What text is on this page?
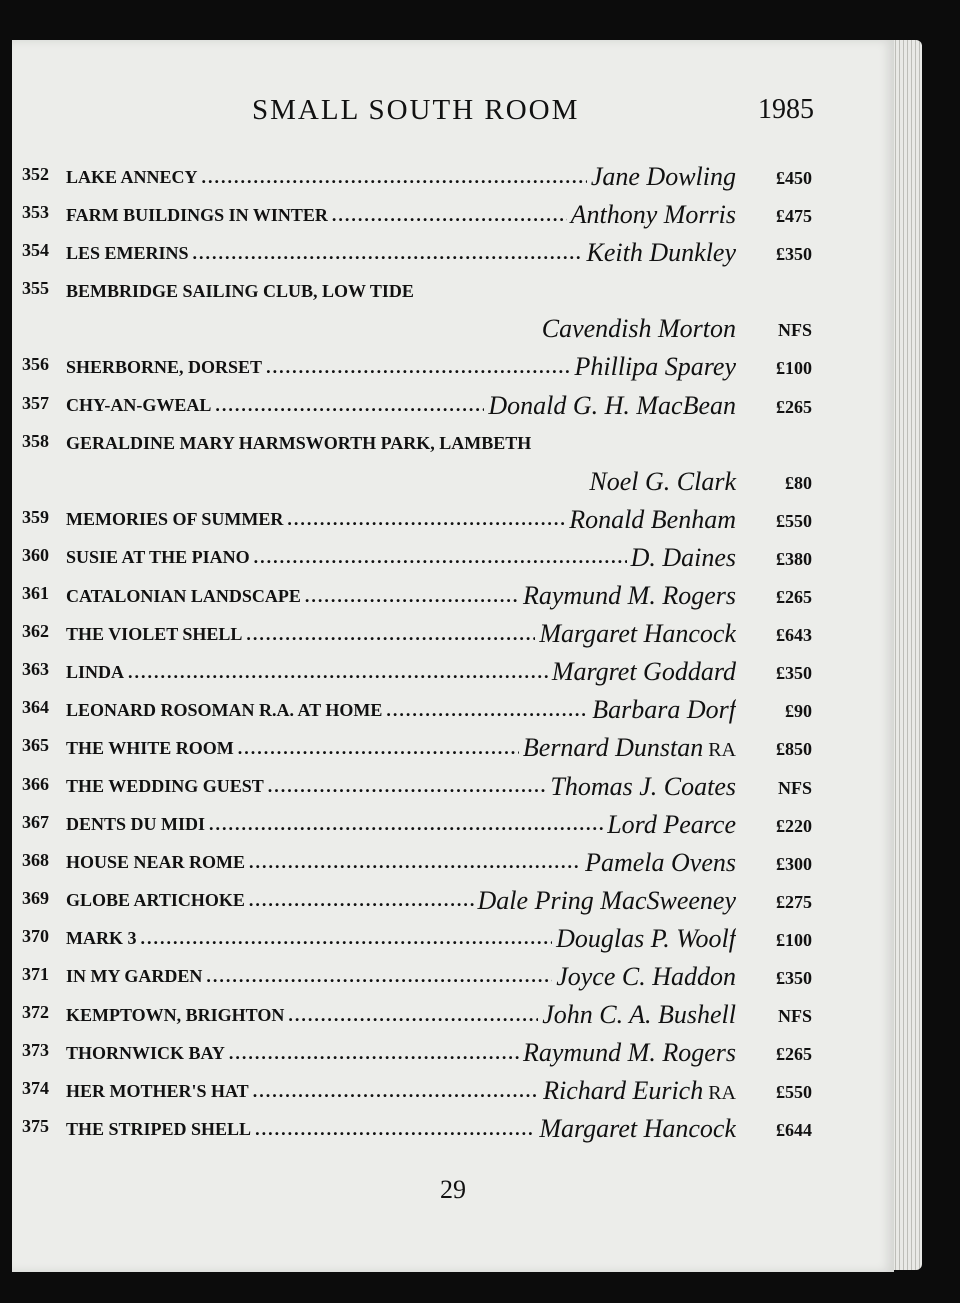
SMALL SOUTH ROOM	1985
352 LAKE ANNECY .....	Jane Dowling £450
353 FARM BUILDINGS IN WINTER .....	Anthony Morris £475
354 LES EMERINS .....	Keith Dunkley £350
355 BEMBRIDGE SAILING CLUB, LOW TIDE
Cavendish Morton NFS
356 SHERBORNE, DORSET .....	Phillipa Sparey £100
357 CHY-AN-GWEAL .....	Donald G. H. MacBean £265
358 GERALDINE MARY HARMSWORTH PARK, LAMBETH
Noel G. Clark	£80
359 MEMORIES OF SUMMER .....	Ronald Benham £550
360 SUSIE AT THE PIANO .....	D. Daines £380
361 CATALONIAN LANDSCAPE .....	Raymund M. Rogers £265
362 THE VIOLET SHELL .....	Margaret Hancock £643
363 LINDA .....	Margret Goddard £350
364 LEONARD ROSOMAN R.A. AT HOME .....	Barbara Dorf	£90
365 THE WHITE ROOM .....	Bernard Dunstan RA £850
366 THE WEDDING GUEST .....	Thomas J. Coates NFS
367 DENTS DU MIDI .....	Lord Pearce £220
368 HOUSE NEAR ROME .....	Pamela Ovens £300
369 GLOBE ARTICHOKE .....	Dale Pring MacSweeney £275
370 MARK 3 .....	Douglas P. Woolf £100
371 IN MY GARDEN .....	Joyce C. Haddon £350
372 KEMPTOWN, BRIGHTON .....	John C. A. Bushell NFS
373 THORNWICK BAY .....	Raymund M. Rogers £265
374 HER MOTHER'S HAT .....	Richard Eurich RA £550
375 THE STRIPED SHELL .....	Margaret Hancock £644
29
